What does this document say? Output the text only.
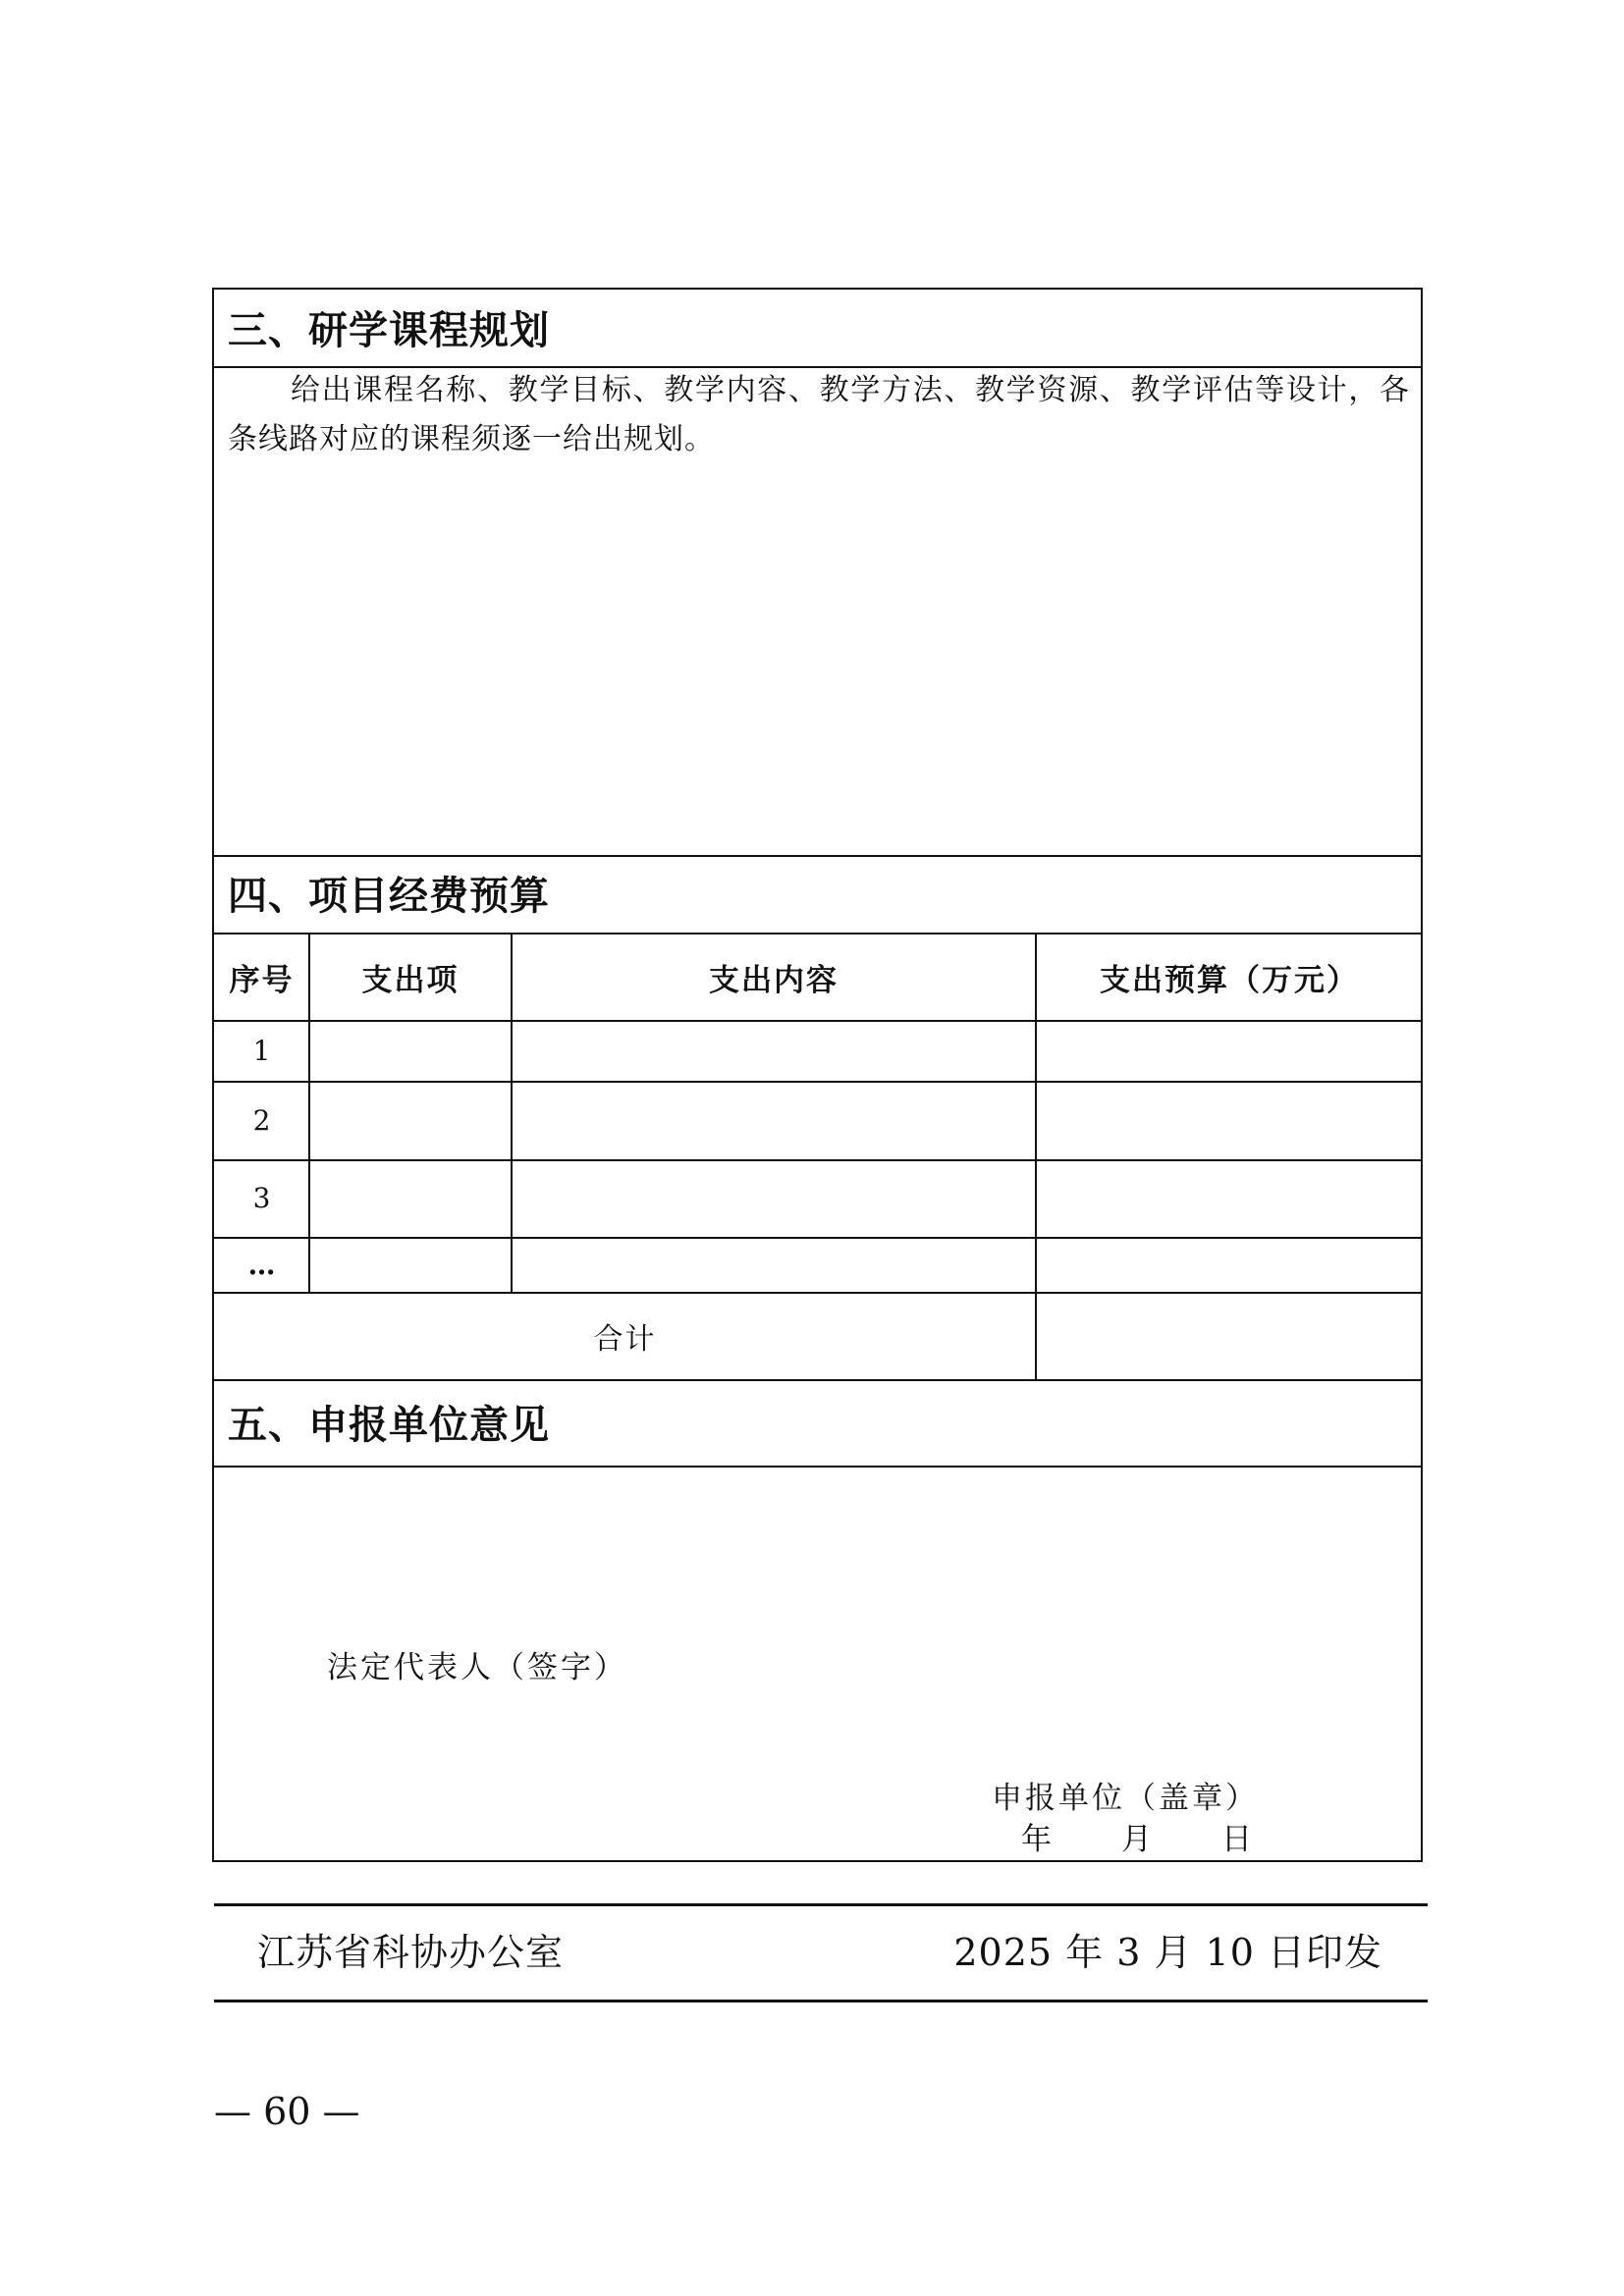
三、研学课程规划

给出课程名称、教学目标、教学内容、教学方法、教学资源、教学评估等设计，各条线路对应的课程须逐一给出规划。

四、项目经费预算
序号	支出项	支出内容	支出预算（万元）
1
2
3
…
合计
五、申报单位意见
法定代表人（签字）
申报单位（盖章）
年　　月　　日
江苏省科协办公室	2025 年 3 月 10 日印发
— 60 —
